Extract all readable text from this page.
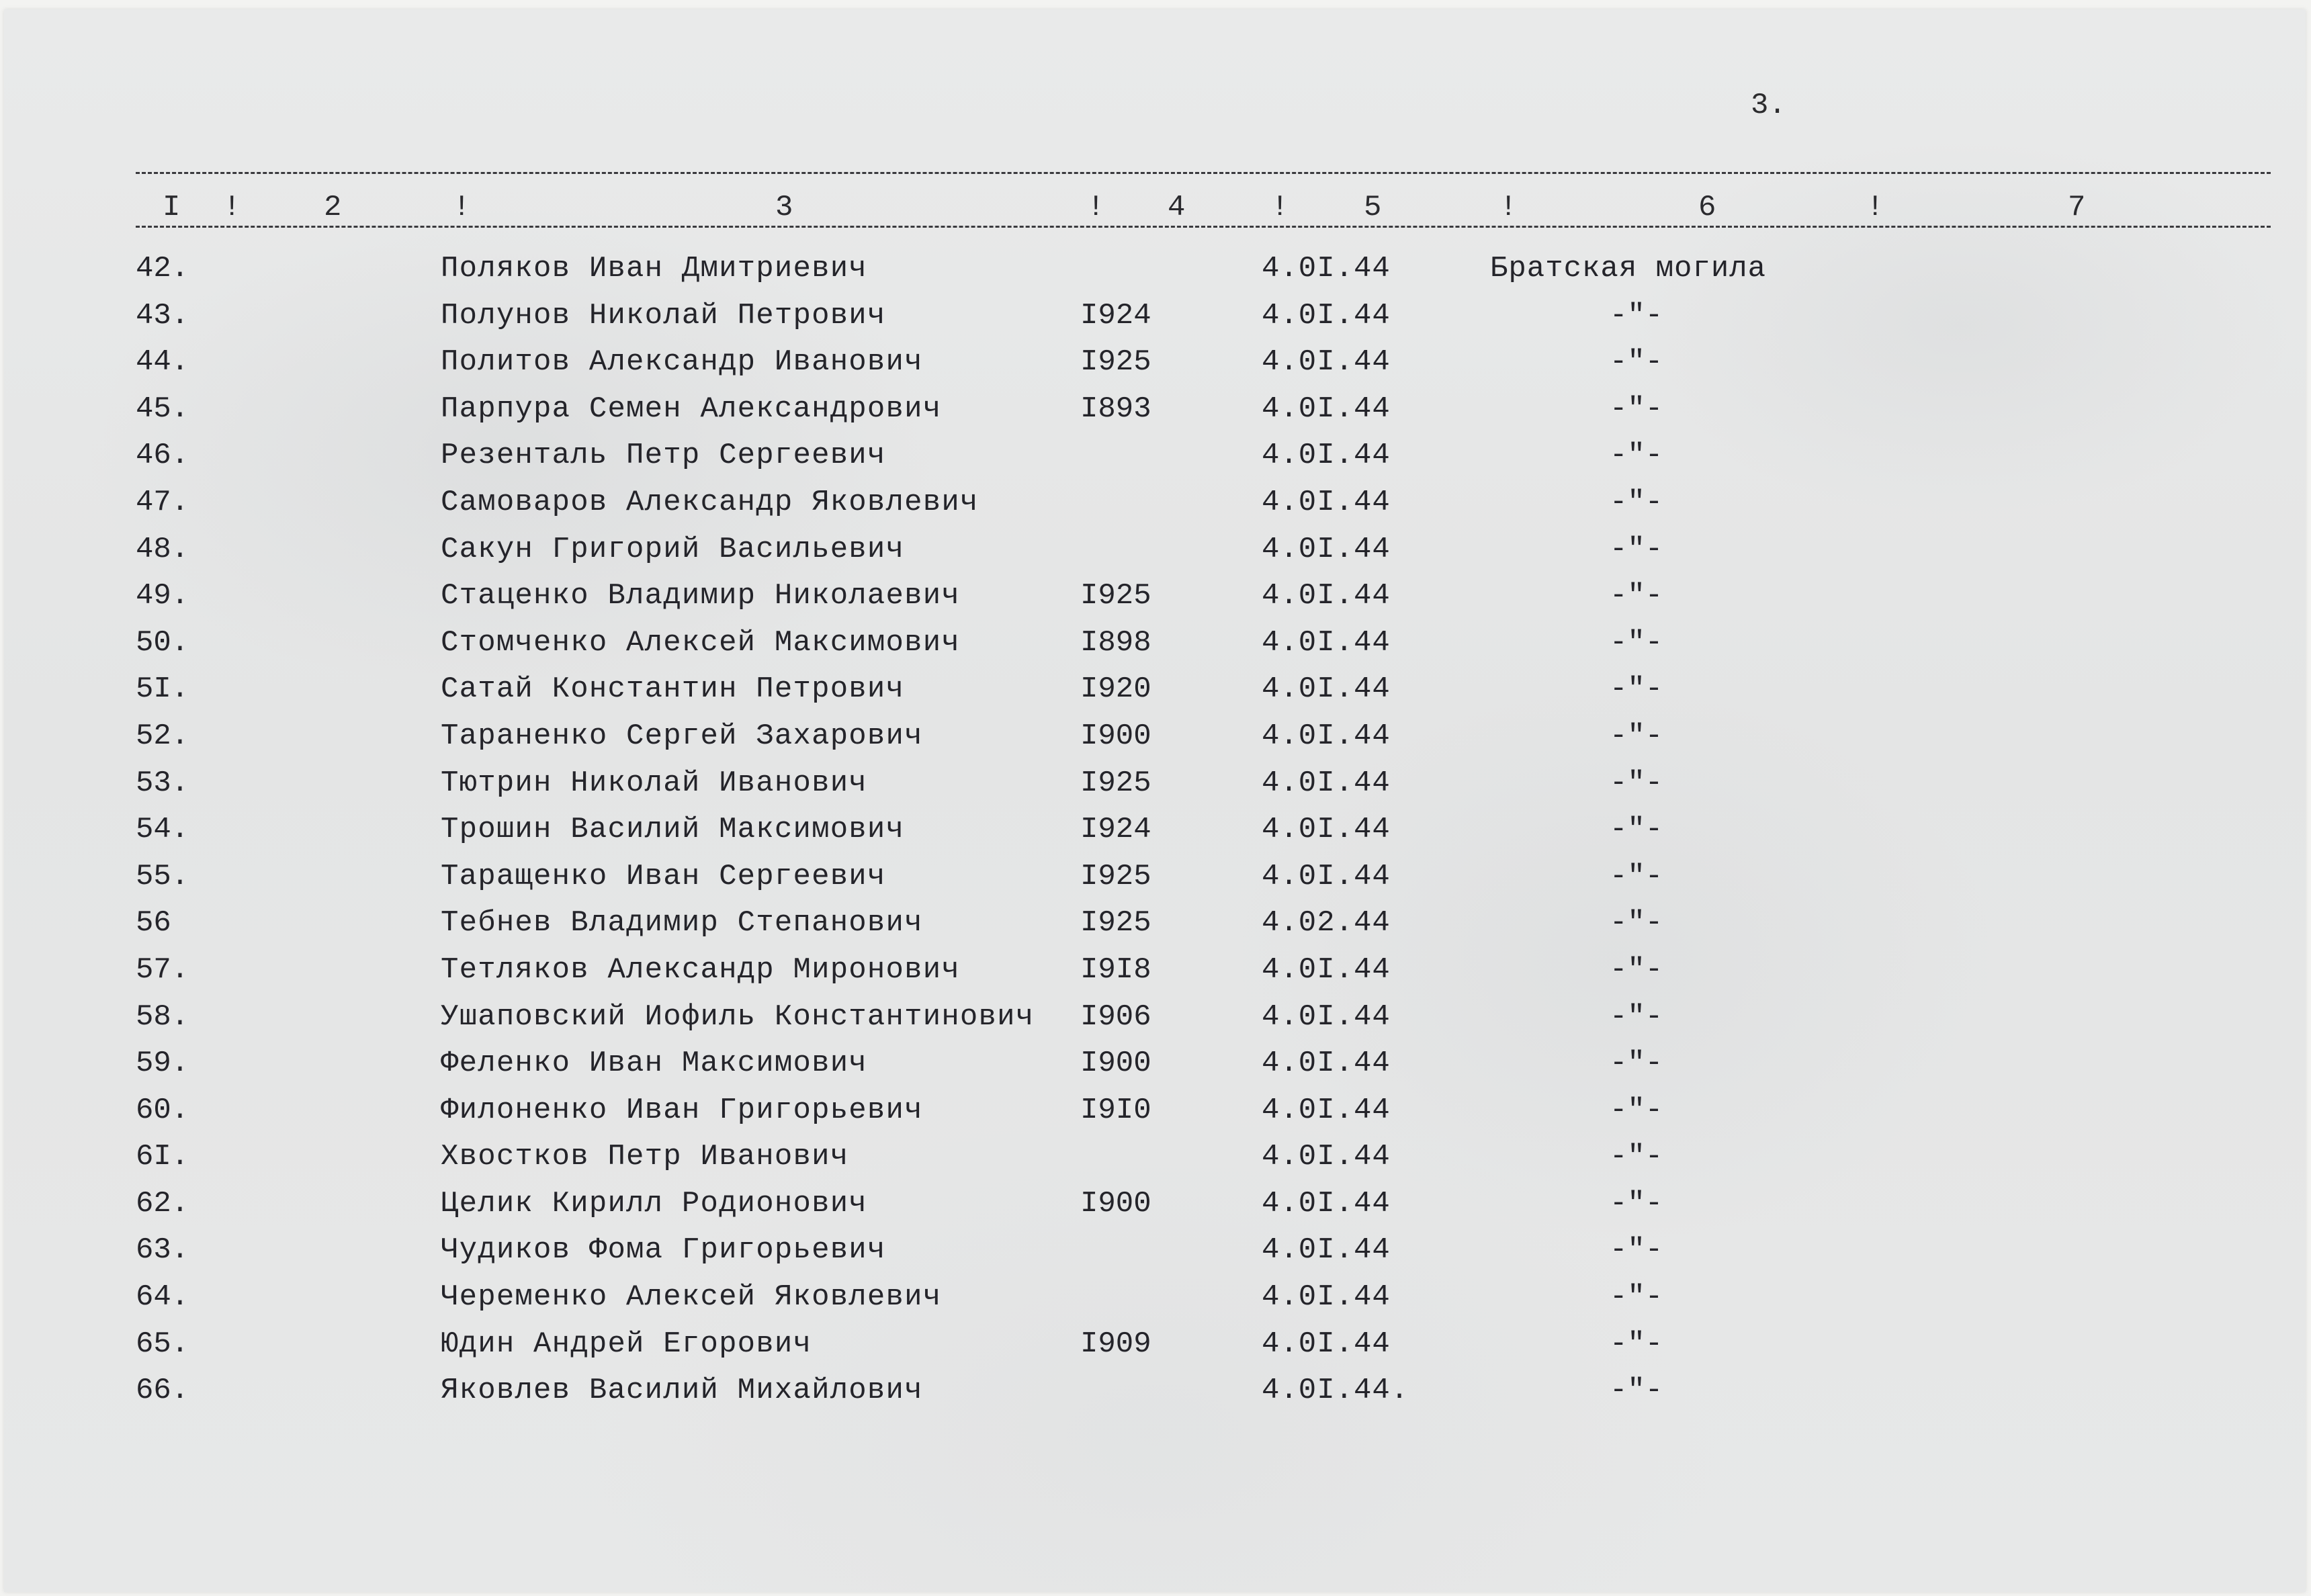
3.
I !	2	!	3	! 4	!	5	!	6	!	7
42.	Поляков Иван Дмитриевич	4.0I.44	Братская могила
43.	Полунов Николай Петрович	I924	4.0I.44	-"-
44.	Политов Александр Иванович	I925	4.0I.44	-"-
45.	Парпура Семен Александрович	I893	4.0I.44	-"-
46.	Резенталь Петр Сергеевич	4.0I.44	-"-
47.	Самоваров Александр Яковлевич	4.0I.44	-"-
48.	Сакун Григорий Васильевич	4.0I.44	-"-
49.	Стаценко Владимир Николаевич	I925	4.0I.44	-"-
50.	Стомченко Алексей Максимович	I898	4.0I.44	-"-
5I.	Сатай Константин Петрович	I920	4.0I.44	-"-
52.	Тараненко Сергей Захарович	I900	4.0I.44	-"-
53.	Тютрин Николай Иванович	I925	4.0I.44	-"-
54.	Трошин Василий Максимович	I924	4.0I.44	-"-
55.	Таращенко Иван Сергеевич	I925	4.0I.44	-"-
56	Тебнев Владимир Степанович	I925	4.02.44	-"-
57.	Тетляков Александр Миронович	I9I8	4.0I.44	-"-
58.	Ушаповский Иофиль Константинович I906	4.0I.44	-"-
59.	Феленко Иван Максимович	I900	4.0I.44	-"-
60.	Филоненко Иван Григорьевич	I9I0	4.0I.44	-"-
6I.	Хвостков Петр Иванович	4.0I.44	-"-
62.	Целик Кирилл Родионович	I900	4.0I.44	-"-
63.	Чудиков Фома Григорьевич	4.0I.44	-"-
64.	Череменко Алексей Яковлевич	4.0I.44	-"-
65.	Юдин Андрей Егорович	I909	4.0I.44	-"-
66.	Яковлев Василий Михайлович	4.0I.44.	-"-
